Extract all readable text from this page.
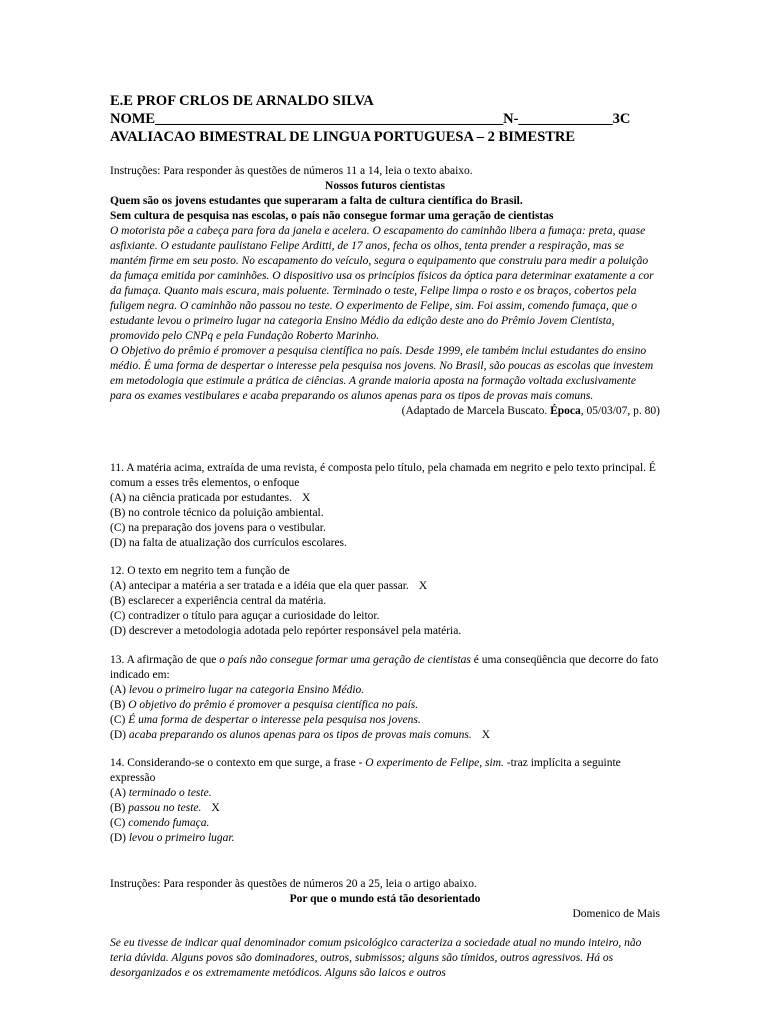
E.E PROF CRLOS DE ARNALDO SILVA

NOME________________________________________________N-_____________3C

AVALIACAO BIMESTRAL DE LINGUA PORTUGUESA – 2 BIMESTRE

Instruções: Para responder às questões de números 11 a 14, leia o texto abaixo.

Nossos futuros cientistas

Quem são os jovens estudantes que superaram a falta de cultura científica do Brasil.

Sem cultura de pesquisa nas escolas, o país não consegue formar uma geração de cientistas

O motorista põe a cabeça para fora da janela e acelera. O escapamento do caminhão libera a fumaça: preta, quase asfixiante. O estudante paulistano Felipe Arditti, de 17 anos, fecha os olhos, tenta prender a respiração, mas se mantém firme em seu posto. No escapamento do veículo, segura o equipamento que construiu para medir a poluição da fumaça emitida por caminhões. O dispositivo usa os princípios físicos da óptica para determinar exatamente a cor da fumaça. Quanto mais escura, mais poluente. Terminado o teste, Felipe limpa o rosto e os braços, cobertos pela fuligem negra. O caminhão não passou no teste. O experimento de Felipe, sim. Foi assim, comendo fumaça, que o estudante levou o primeiro lugar na categoria Ensino Médio da edição deste ano do Prêmio Jovem Cientista, promovido pelo CNPq e pela Fundação Roberto Marinho.

O Objetivo do prêmio é promover a pesquisa científica no país. Desde 1999, ele também inclui estudantes do ensino médio. É uma forma de despertar o interesse pela pesquisa nos jovens. No Brasil, são poucas as escolas que investem em metodologia que estimule a prática de ciências. A grande maioria aposta na formação voltada exclusivamente para os exames vestibulares e acaba preparando os alunos apenas para os tipos de provas mais comuns.

(Adaptado de Marcela Buscato. Época, 05/03/07, p. 80)

11. A matéria acima, extraída de uma revista, é composta pelo título, pela chamada em negrito e pelo texto principal. É comum a esses três elementos, o enfoque

(A) na ciência praticada por estudantes. X

(B) no controle técnico da poluição ambiental.

(C) na preparação dos jovens para o vestibular.

(D) na falta de atualização dos currículos escolares.

12. O texto em negrito tem a função de

(A) antecipar a matéria a ser tratada e a idéia que ela quer passar. X

(B) esclarecer a experiência central da matéria.

(C) contradizer o título para aguçar a curiosidade do leitor.

(D) descrever a metodologia adotada pelo repórter responsável pela matéria.

13. A afirmação de que o país não consegue formar uma geração de cientistas é uma conseqüência que decorre do fato indicado em:

(A) levou o primeiro lugar na categoria Ensino Médio.

(B) O objetivo do prêmio é promover a pesquisa científica no país.

(C) É uma forma de despertar o interesse pela pesquisa nos jovens.

(D) acaba preparando os alunos apenas para os tipos de provas mais comuns. X

14. Considerando-se o contexto em que surge, a frase - O experimento de Felipe, sim. -traz implícita a seguinte expressão

(A) terminado o teste.

(B) passou no teste. X

(C) comendo fumaça.

(D) levou o primeiro lugar.

Instruções: Para responder às questões de números 20 a 25, leia o artigo abaixo.

Por que o mundo está tão desorientado

Domenico de Mais

Se eu tivesse de indicar qual denominador comum psicológico caracteriza a sociedade atual no mundo inteiro, não teria dúvida. Alguns povos são dominadores, outros, submissos; alguns são tímidos, outros agressivos. Há os desorganizados e os extremamente metódicos. Alguns são laicos e outros
